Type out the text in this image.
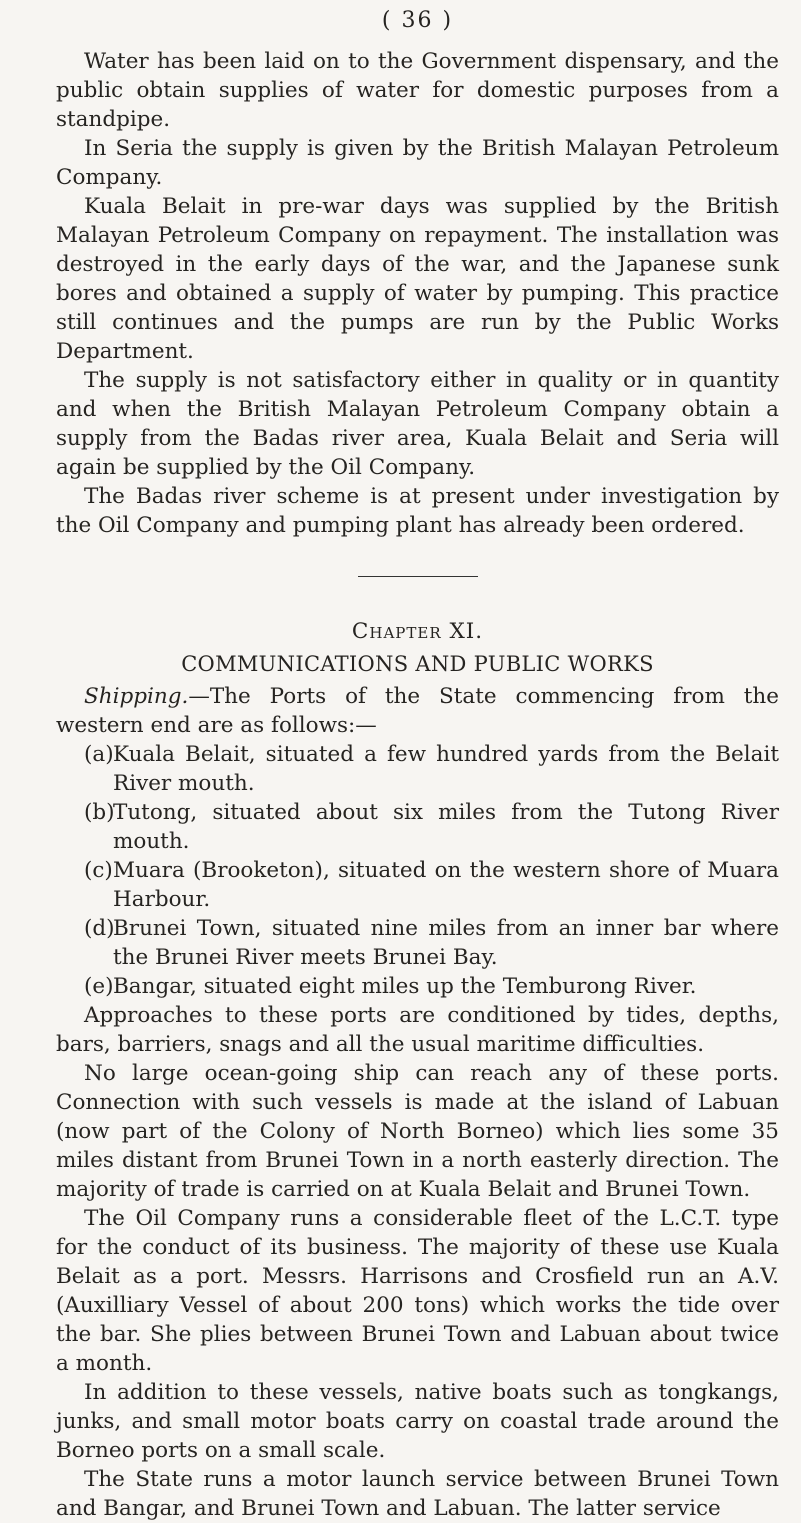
( 36 )

Water has been laid on to the Government dispensary, and the public obtain supplies of water for domestic purposes from a standpipe.

In Seria the supply is given by the British Malayan Petroleum Company.

Kuala Belait in pre-war days was supplied by the British Malayan Petroleum Company on repayment. The installation was destroyed in the early days of the war, and the Japanese sunk bores and obtained a supply of water by pumping. This practice still continues and the pumps are run by the Public Works Department.

The supply is not satisfactory either in quality or in quantity and when the British Malayan Petroleum Company obtain a supply from the Badas river area, Kuala Belait and Seria will again be supplied by the Oil Company.

The Badas river scheme is at present under investigation by the Oil Company and pumping plant has already been ordered.

Chapter XI.
COMMUNICATIONS AND PUBLIC WORKS

Shipping.—The Ports of the State commencing from the western end are as follows:—

(a) Kuala Belait, situated a few hundred yards from the Belait River mouth.
(b)
Tutong, situated about six miles from the Tutong River mouth.
(c) Muara (Brooketon), situated on the western shore of Muara Harbour.
(d)
Brunei Town, situated nine miles from an inner bar where the Brunei River meets Brunei Bay.
(e) Bangar, situated eight miles up the Temburong River.

Approaches to these ports are conditioned by tides, depths, bars, barriers, snags and all the usual maritime difficulties.

No large ocean-going ship can reach any of these ports. Connection with such vessels is made at the island of Labuan (now part of the Colony of North Borneo) which lies some 35 miles distant from Brunei Town in a north easterly direction. The majority of trade is carried on at Kuala Belait and Brunei Town.

The Oil Company runs a considerable fleet of the L.C.T. type for the conduct of its business. The majority of these use Kuala Belait as a port. Messrs. Harrisons and Crosfield run an A.V. (Auxilliary Vessel of about 200 tons) which works the tide over the bar. She plies between Brunei Town and Labuan about twice a month.

In addition to these vessels, native boats such as tongkangs, junks, and small motor boats carry on coastal trade around the Borneo ports on a small scale.

The State runs a motor launch service between Brunei Town and Bangar, and Brunei Town and Labuan. The latter service
